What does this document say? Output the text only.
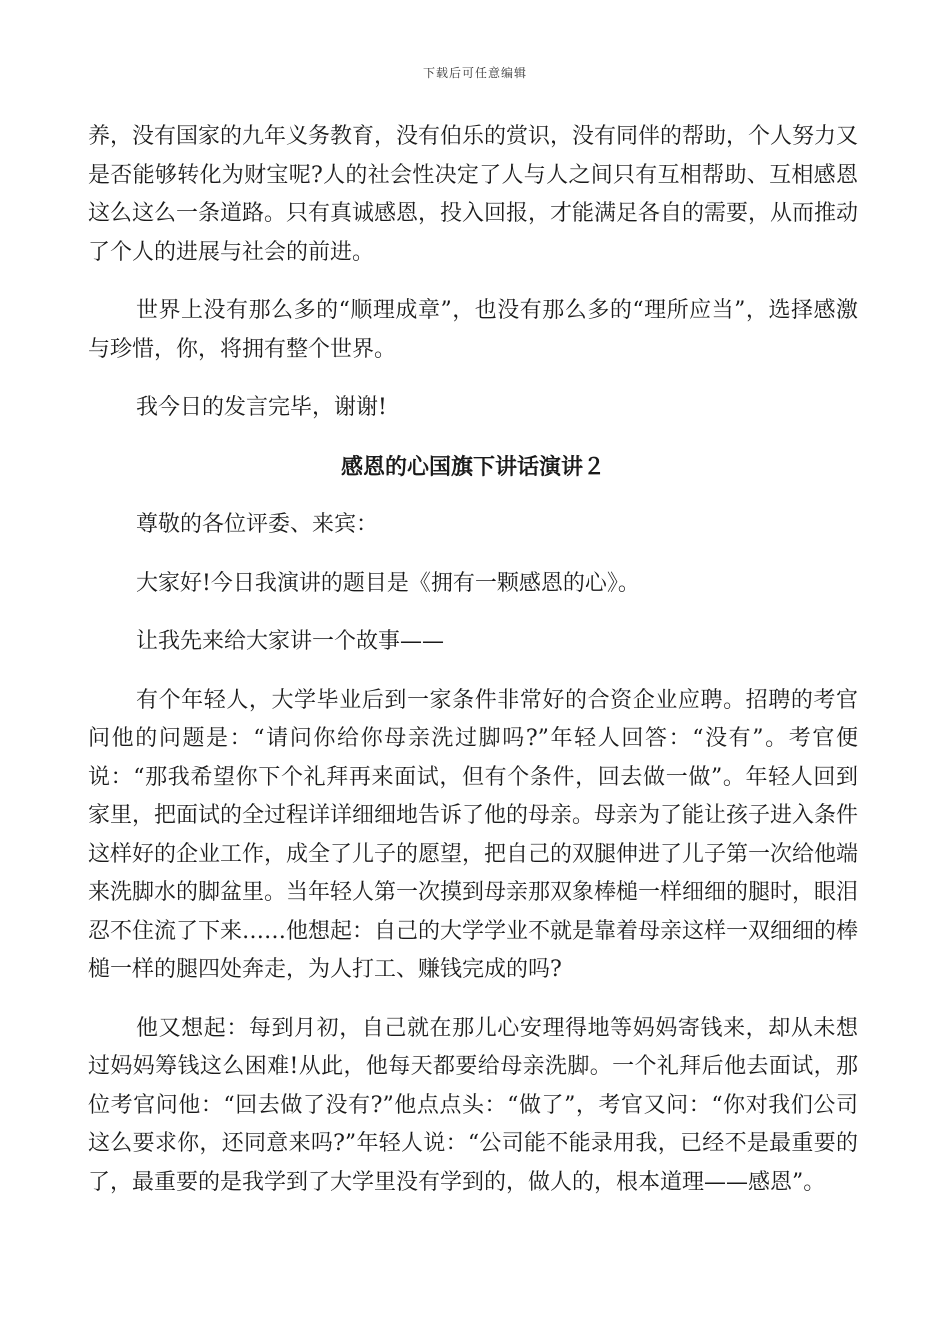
下载后可任意编辑

养，没有国家的九年义务教育，没有伯乐的赏识，没有同伴的帮助，个人努力又是否能够转化为财宝呢?人的社会性决定了人与人之间只有互相帮助、互相感恩这么这么一条道路。只有真诚感恩，投入回报，才能满足各自的需要，从而推动了个人的进展与社会的前进。

世界上没有那么多的“顺理成章”，也没有那么多的“理所应当”，选择感激与珍惜，你，将拥有整个世界。

我今日的发言完毕，谢谢!

感恩的心国旗下讲话演讲２

尊敬的各位评委、来宾：

大家好!今日我演讲的题目是《拥有一颗感恩的心》。

让我先来给大家讲一个故事——

有个年轻人，大学毕业后到一家条件非常好的合资企业应聘。招聘的考官问他的问题是：“请问你给你母亲洗过脚吗?”年轻人回答：“没有”。考官便说：“那我希望你下个礼拜再来面试，但有个条件，回去做一做”。年轻人回到家里，把面试的全过程详详细细地告诉了他的母亲。母亲为了能让孩子进入条件这样好的企业工作，成全了儿子的愿望，把自己的双腿伸进了儿子第一次给他端来洗脚水的脚盆里。当年轻人第一次摸到母亲那双象棒槌一样细细的腿时，眼泪忍不住流了下来……他想起：自己的大学学业不就是靠着母亲这样一双细细的棒槌一样的腿四处奔走，为人打工、赚钱完成的吗?

他又想起：每到月初，自己就在那儿心安理得地等妈妈寄钱来，却从未想过妈妈筹钱这么困难!从此，他每天都要给母亲洗脚。一个礼拜后他去面试，那位考官问他：“回去做了没有?”他点点头：“做了”，考官又问：“你对我们公司这么要求你，还同意来吗?”年轻人说：“公司能不能录用我，已经不是最重要的了，最重要的是我学到了大学里没有学到的，做人的，根本道理——感恩”。
